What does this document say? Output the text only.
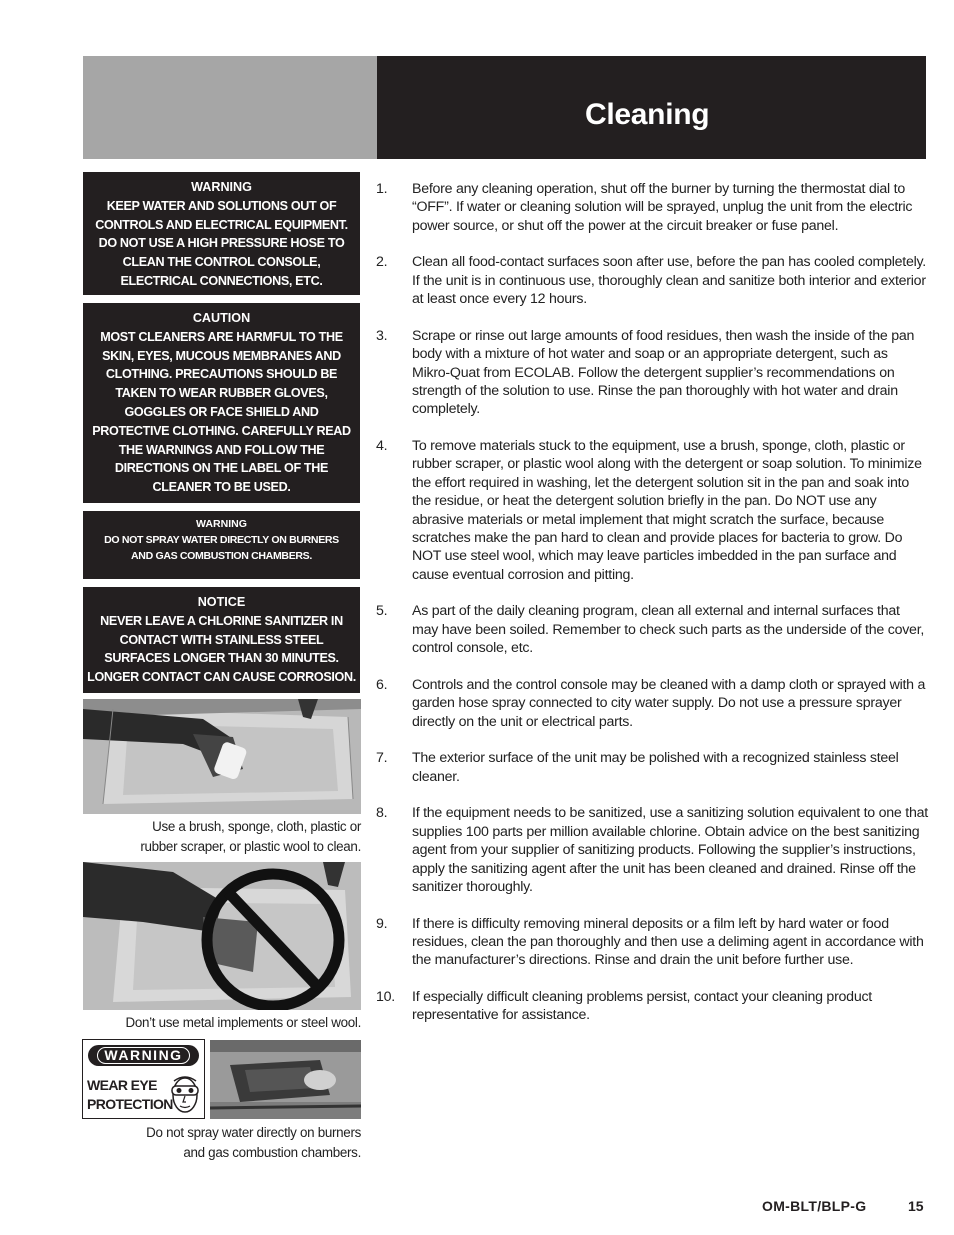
Cleaning
WARNING
KEEP WATER AND SOLUTIONS OUT OF
CONTROLS AND ELECTRICAL EQUIPMENT.
DO NOT USE A HIGH PRESSURE HOSE TO
CLEAN THE CONTROL CONSOLE,
ELECTRICAL CONNECTIONS, ETC.
CAUTION
MOST CLEANERS ARE HARMFUL TO THE
SKIN, EYES, MUCOUS MEMBRANES AND
CLOTHING. PRECAUTIONS SHOULD BE
TAKEN TO WEAR RUBBER GLOVES,
GOGGLES OR FACE SHIELD AND
PROTECTIVE CLOTHING. CAREFULLY READ
THE WARNINGS AND FOLLOW THE
DIRECTIONS ON THE LABEL OF THE
CLEANER TO BE USED.
WARNING
DO NOT SPRAY WATER DIRECTLY ON BURNERS
AND GAS COMBUSTION CHAMBERS.
NOTICE
NEVER LEAVE A CHLORINE SANITIZER IN
CONTACT WITH STAINLESS STEEL
SURFACES LONGER THAN 30 MINUTES.
LONGER CONTACT CAN CAUSE CORROSION.
Use a brush, sponge, cloth, plastic or
rubber scraper, or plastic wool to clean.
Don’t use metal implements or steel wool.
WARNING
WEAR EYE
PROTECTION
Do not spray water directly on burners
and gas combustion chambers.
1. Before any cleaning operation, shut off the burner by turning the thermostat dial to “OFF”. If water or cleaning solution will be sprayed, unplug the unit from the electric power source, or shut off the power at the circuit breaker or fuse panel.
2. Clean all food-contact surfaces soon after use, before the pan has cooled completely. If the unit is in continuous use, thoroughly clean and sanitize both interior and exterior at least once every 12 hours.
3. Scrape or rinse out large amounts of food residues, then wash the inside of the pan body with a mixture of hot water and soap or an appropriate detergent, such as Mikro-Quat from ECOLAB. Follow the detergent supplier’s recommendations on strength of the solution to use. Rinse the pan thoroughly with hot water and drain completely.
4. To remove materials stuck to the equipment, use a brush, sponge, cloth, plastic or rubber scraper, or plastic wool along with the detergent or soap solution. To minimize the effort required in washing, let the detergent solution sit in the pan and soak into the residue, or heat the detergent solution briefly in the pan. Do NOT use any abrasive materials or metal implement that might scratch the surface, because scratches make the pan hard to clean and provide places for bacteria to grow. Do NOT use steel wool, which may leave particles imbedded in the pan surface and cause eventual corrosion and pitting.
5. As part of the daily cleaning program, clean all external and internal surfaces that may have been soiled. Remember to check such parts as the underside of the cover, control console, etc.
6. Controls and the control console may be cleaned with a damp cloth or sprayed with a garden hose spray connected to city water supply. Do not use a pressure sprayer directly on the unit or electrical parts.
7. The exterior surface of the unit may be polished with a recognized stainless steel cleaner.
8. If the equipment needs to be sanitized, use a sanitizing solution equivalent to one that supplies 100 parts per million available chlorine. Obtain advice on the best sanitizing agent from your supplier of sanitizing products. Following the supplier’s instructions, apply the sanitizing agent after the unit has been cleaned and drained. Rinse off the sanitizer thoroughly.
9. If there is difficulty removing mineral deposits or a film left by hard water or food residues, clean the pan thoroughly and then use a deliming agent in accordance with the manufacturer’s directions. Rinse and drain the unit before further use.
10. If especially difficult cleaning problems persist, contact your cleaning product representative for assistance.
OM-BLT/BLP-G	15
